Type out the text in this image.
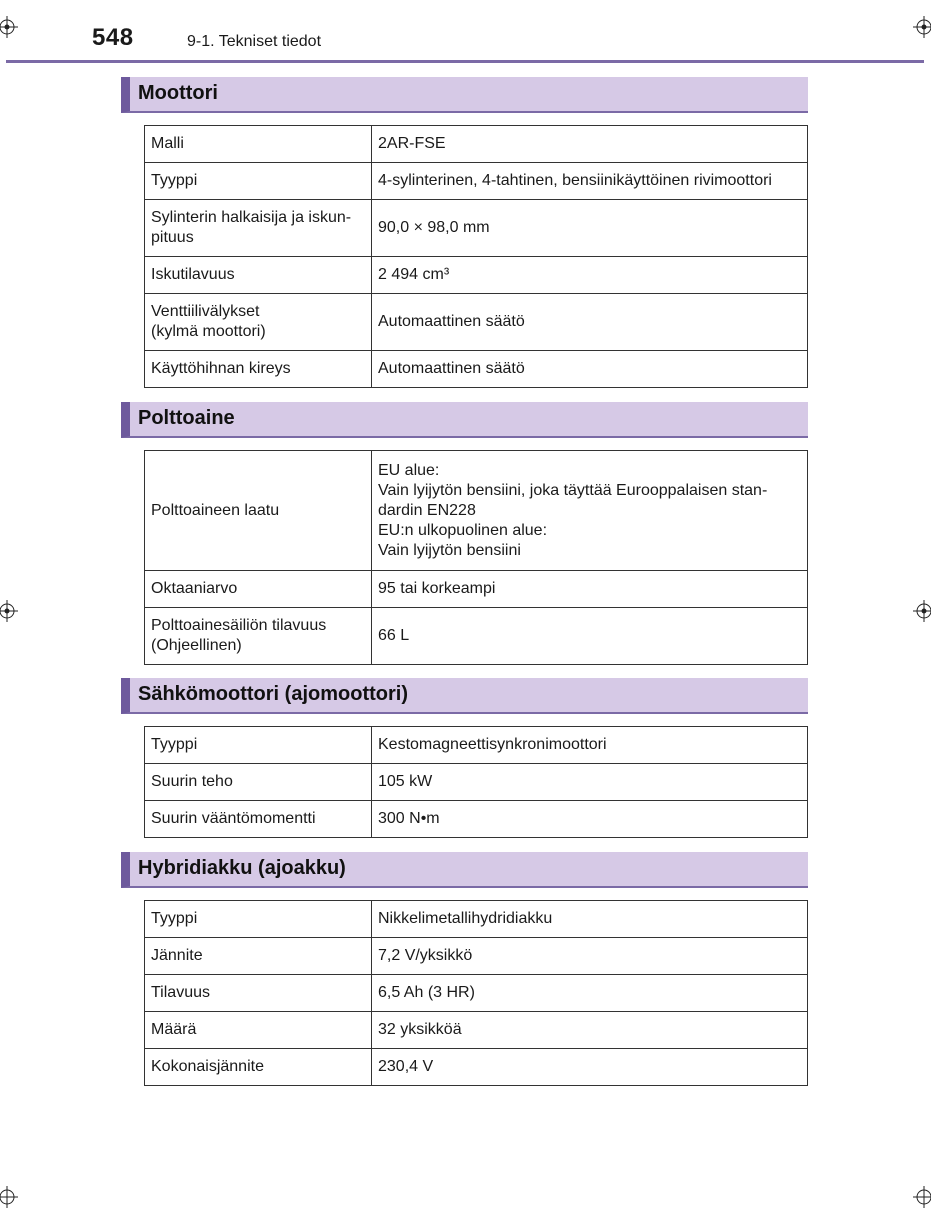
548	9-1. Tekniset tiedot
Moottori
Malli	2AR-FSE
Tyyppi	4-sylinterinen, 4-tahtinen, bensiinikäyttöinen rivimoottori
Sylinterin halkaisija ja iskun-
pituus	90,0 × 98,0 mm
Iskutilavuus	2 494 cm³
Venttiilivälykset
(kylmä moottori)	Automaattinen säätö
Käyttöhihnan kireys	Automaattinen säätö
Polttoaine
Polttoaineen laatu	EU alue:
Vain lyijytön bensiini, joka täyttää Eurooppalaisen stan-
dardin EN228
EU:n ulkopuolinen alue:
Vain lyijytön bensiini
Oktaaniarvo	95 tai korkeampi
Polttoainesäiliön tilavuus
(Ohjeellinen)	66 L
Sähkömoottori (ajomoottori)
Tyyppi	Kestomagneettisynkronimoottori
Suurin teho	105 kW
Suurin vääntömomentti	300 N•m
Hybridiakku (ajoakku)
Tyyppi	Nikkelimetallihydridiakku
Jännite	7,2 V/yksikkö
Tilavuus	6,5 Ah (3 HR)
Määrä	32 yksikköä
Kokonaisjännite	230,4 V
